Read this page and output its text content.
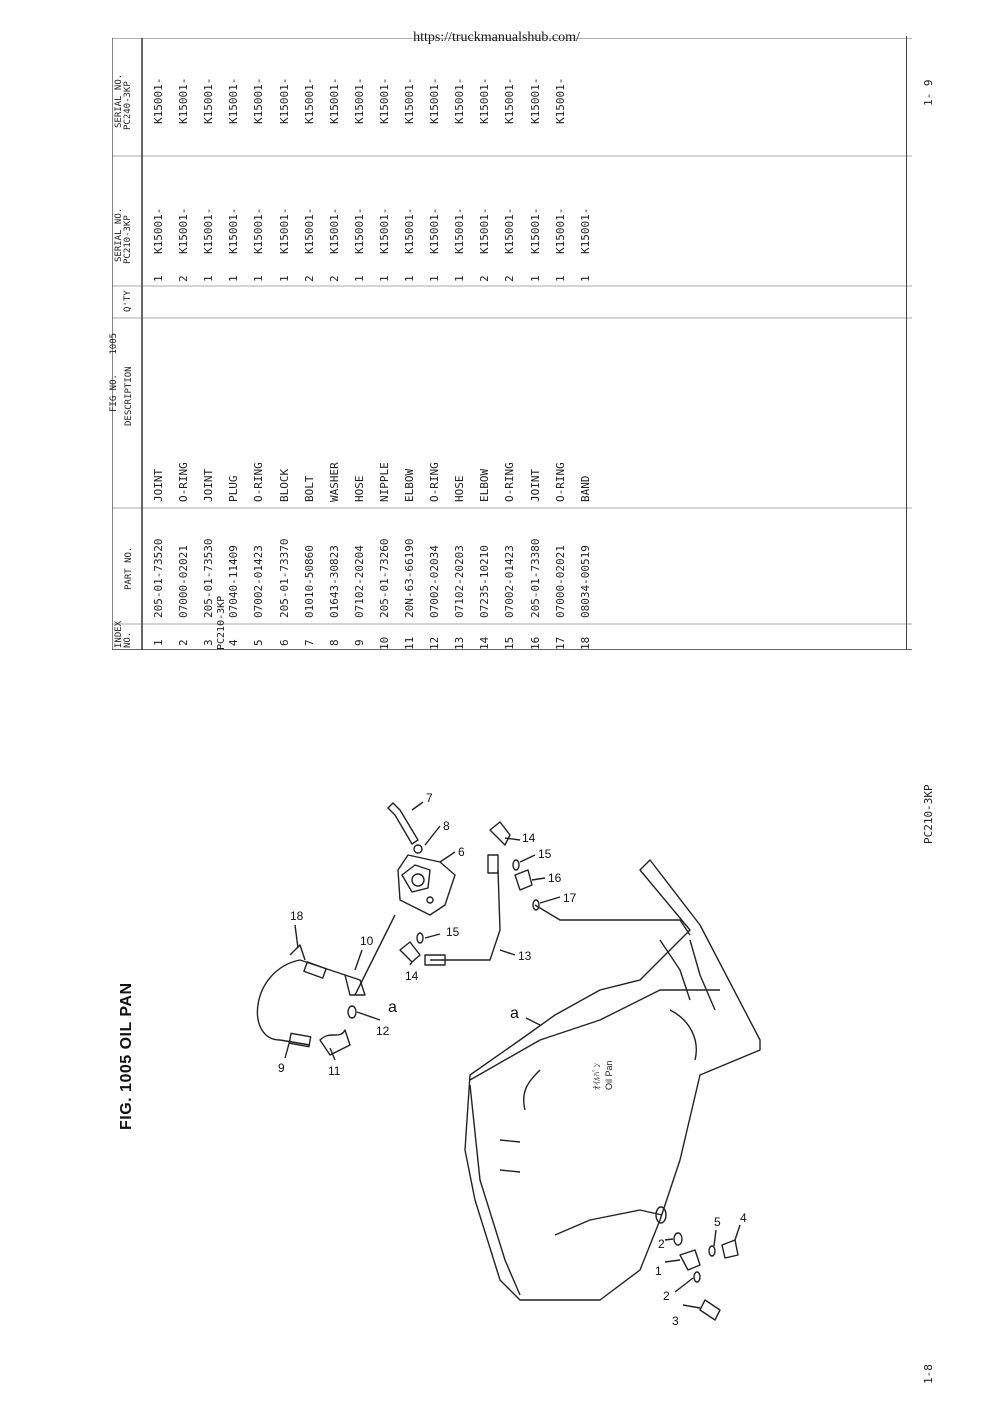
https://truckmanualshub.com/
INDEX NO.
PART NO.
DESCRIPTION
FIG NO. 1005
Q'TY
SERIAL NO. PC210-3KP
SERIAL NO. PC240-3KP
1
205-01-73520
JOINT
1
K15001-
K15001-
2
07000-02021
O-RING
2
K15001-
K15001-
3
205-01-73530
JOINT
1
K15001-
K15001-
4
07040-11409
PLUG
1
K15001-
K15001-
5
07002-01423
O-RING
1
K15001-
K15001-
6
205-01-73370
BLOCK
1
K15001-
K15001-
7
01010-50860
BOLT
2
K15001-
K15001-
8
01643-30823
WASHER
2
K15001-
K15001-
9
07102-20204
HOSE
1
K15001-
K15001-
10
205-01-73260
NIPPLE
1
K15001-
K15001-
11
20N-63-66190
ELBOW
1
K15001-
K15001-
12
07002-02034
O-RING
1
K15001-
K15001-
13
07102-20203
HOSE
1
K15001-
K15001-
14
07235-10210
ELBOW
2
K15001-
K15001-
15
07002-01423
O-RING
2
K15001-
K15001-
16
205-01-73380
JOINT
1
K15001-
K15001-
17
07000-02021
O-RING
1
K15001-
K15001-
18
08034-00519
BAND
1
K15001-
PC210-3KP
1- 9
PC210-3KP
1-8
FIG. 1005 OIL PAN
7
8
6
18
10
9	11
12
13
14
15
14
15
16
17
2
1
2
3
5 4
a	a
ｵｲﾙﾊﾟﾝ Oil Pan
